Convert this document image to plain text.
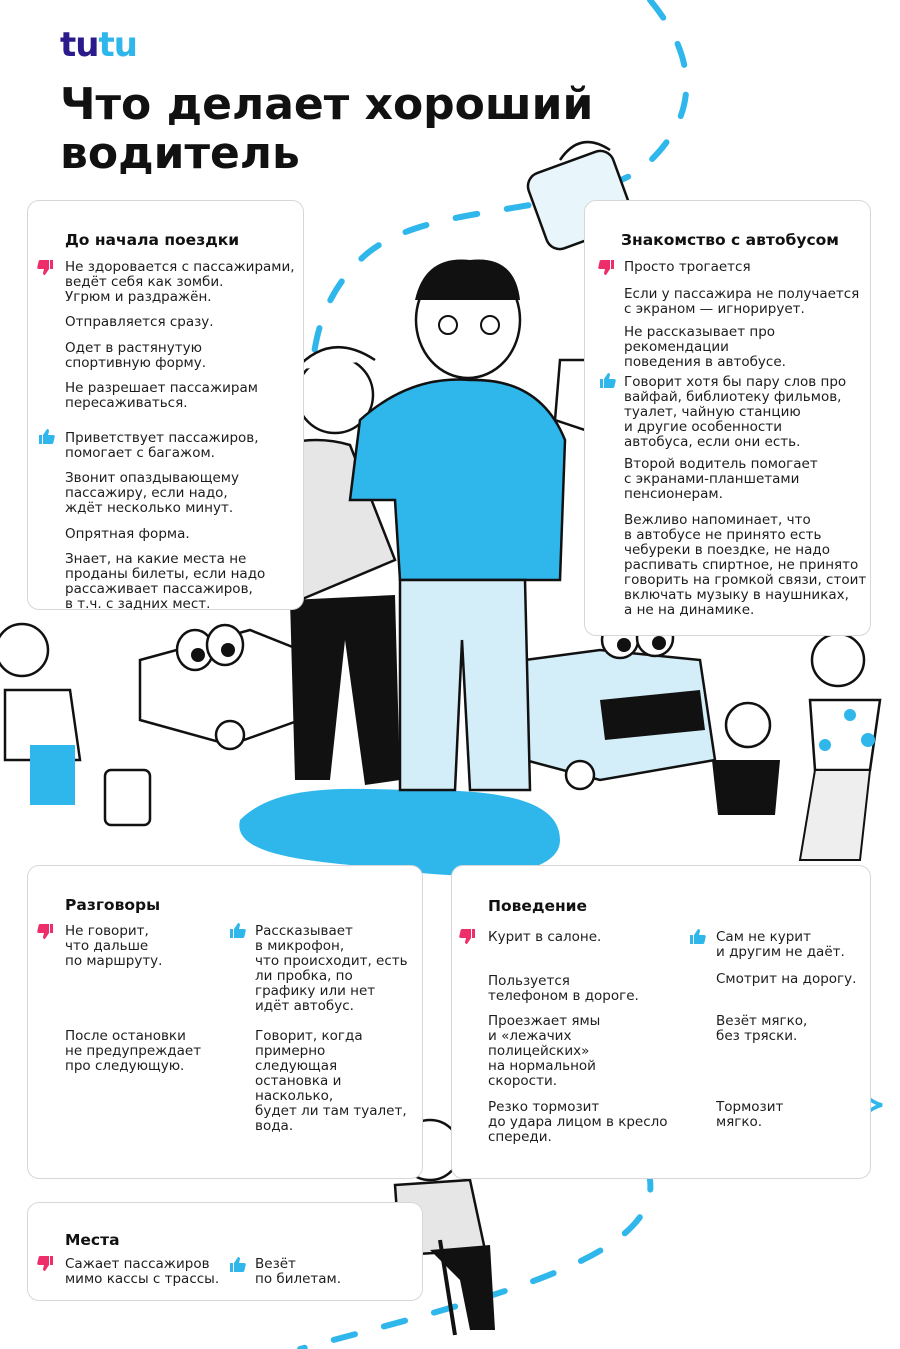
tutu
Что делает хороший водитель
До начала поездки

Не здоровается с пассажирами,
ведёт себя как зомби.
Угрюм и раздражён.

Отправляется сразу.

Одет в растянутую
спортивную форму.

Не разрешает пассажирам
пересаживаться.

Приветствует пассажиров,
помогает с багажом.

Звонит опаздывающему
пассажиру, если надо,
ждёт несколько минут.

Опрятная форма.

Знает, на какие места не
проданы билеты, если надо
рассаживает пассажиров,
в т.ч. с задних мест.

Знакомство с автобусом

Просто трогается

Если у пассажира не получается
с экраном — игнорирует.

Не рассказывает про рекомендации
поведения в автобусе.

Говорит хотя бы пару слов про
вайфай, библиотеку фильмов,
туалет, чайную станцию
и другие особенности
автобуса, если они есть.

Второй водитель помогает
с экранами-планшетами
пенсионерам.

Вежливо напоминает, что
в автобусе не принято есть
чебуреки в поездке, не надо
распивать спиртное, не принято
говорить на громкой связи, стоит
включать музыку в наушниках,
а не на динамике.

Разговоры

Не говорит,
что дальше
по маршруту.

После остановки
не предупреждает
про следующую.

Рассказывает
в микрофон,
что происходит, есть
ли пробка, по
графику или нет
идёт автобус.

Говорит, когда
примерно
следующая
остановка и
насколько,
будет ли там туалет,
вода.

Поведение

Курит в салоне.

Пользуется
телефоном в дороге.

Проезжает ямы
и «лежачих
полицейских»
на нормальной
скорости.

Резко тормозит
до удара лицом в кресло
спереди.

Сам не курит
и другим не даёт.

Смотрит на дорогу.

Везёт мягко,
без тряски.

Тормозит
мягко.

Места

Сажает пассажиров
мимо кассы с трассы.

Везёт
по билетам.
